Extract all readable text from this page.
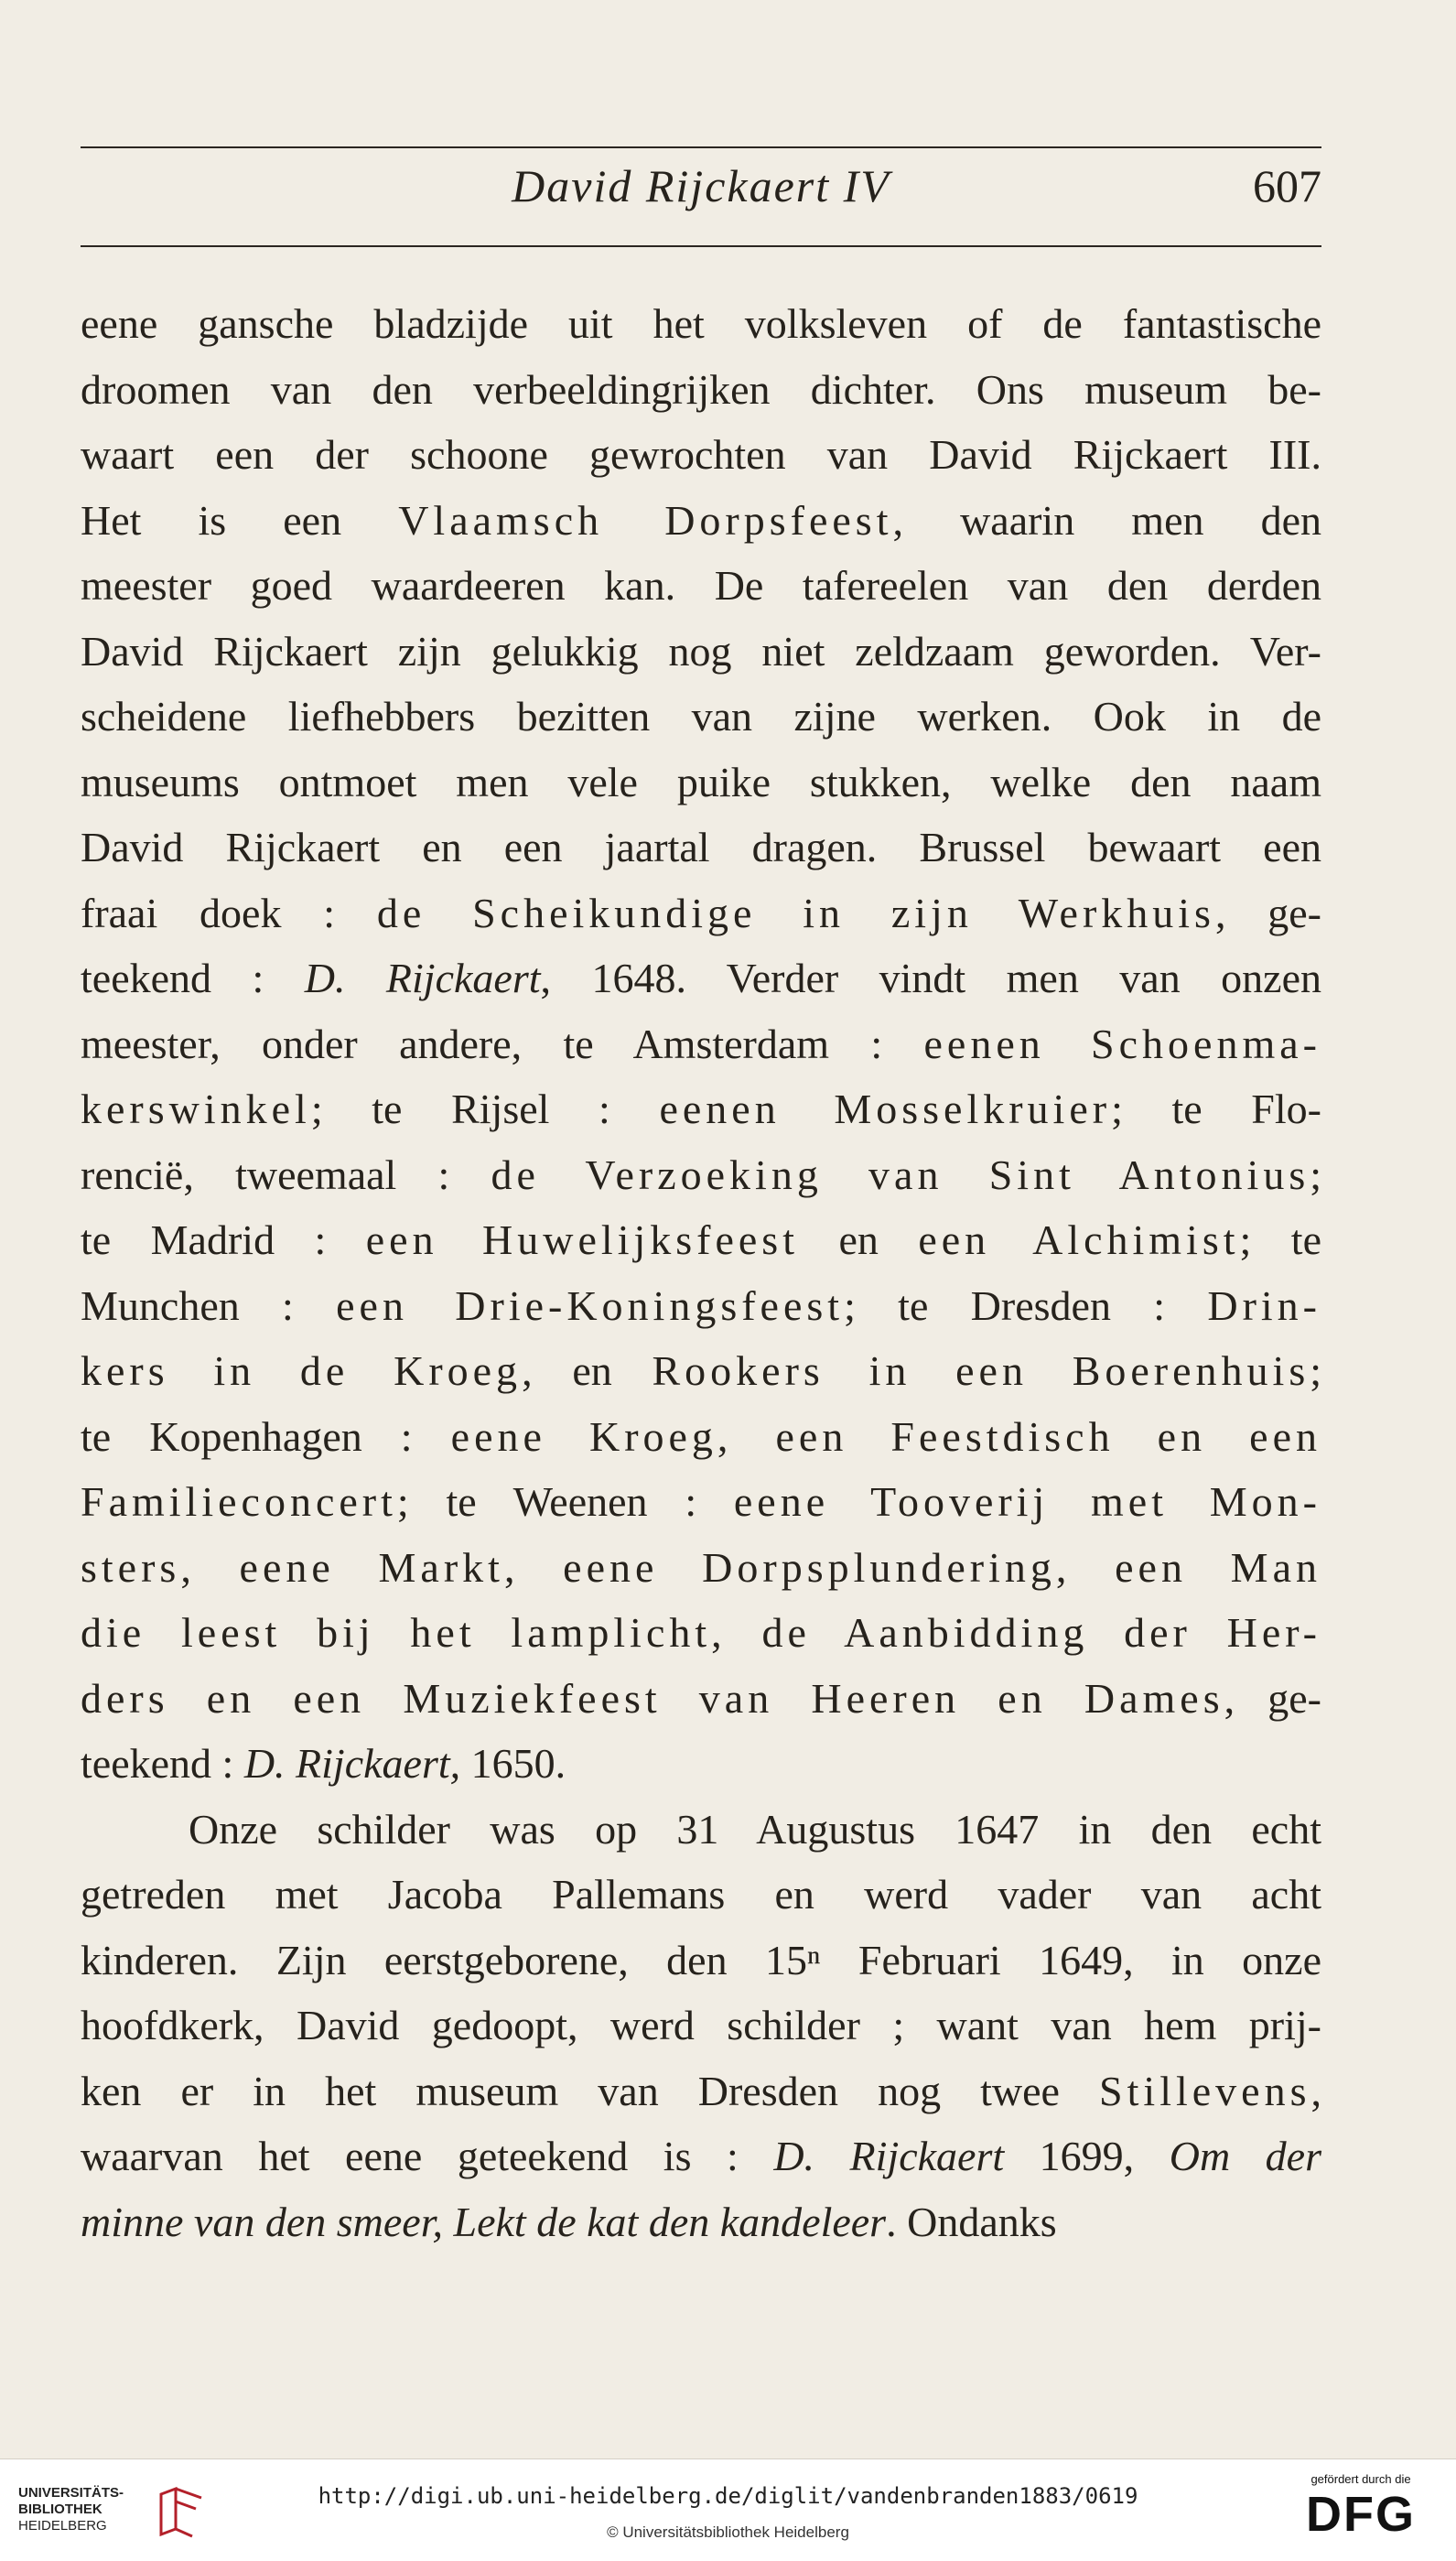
David Rijckaert IV	607
eene gansche bladzijde uit het volksleven of de fantastische
droomen van den verbeeldingrijken dichter. Ons museum be-
waart een der schoone gewrochten van David Rijckaert III.
Het is een Vlaamsch Dorpsfeest, waarin men den
meester goed waardeeren kan. De tafereelen van den derden
David Rijckaert zijn gelukkig nog niet zeldzaam geworden. Ver-
scheidene liefhebbers bezitten van zijne werken. Ook in de
museums ontmoet men vele puike stukken, welke den naam
David Rijckaert en een jaartal dragen. Brussel bewaart een
fraai doek : de Scheikundige in zijn Werkhuis, ge-
teekend : D. Rijckaert, 1648. Verder vindt men van onzen
meester, onder andere, te Amsterdam : eenen Schoenma-
kerswinkel; te Rijsel : eenen Mosselkruier; te Flo-
rencië, tweemaal : de Verzoeking van Sint Antonius;
te Madrid : een Huwelijksfeest en een Alchimist; te
Munchen : een Drie-Koningsfeest; te Dresden : Drin-
kers in de Kroeg, en Rookers in een Boerenhuis;
te Kopenhagen : eene Kroeg, een Feestdisch en een
Familieconcert; te Weenen : eene Tooverij met Mon-
sters, eene Markt, eene Dorpsplundering, een Man
die leest bij het lamplicht, de Aanbidding der Her-
ders en een Muziekfeest van Heeren en Dames, ge-
teekend : D. Rijckaert, 1650.
Onze schilder was op 31 Augustus 1647 in den echt
getreden met Jacoba Pallemans en werd vader van acht
kinderen. Zijn eerstgeborene, den 15ⁿ Februari 1649, in onze
hoofdkerk, David gedoopt, werd schilder ; want van hem prij-
ken er in het museum van Dresden nog twee Stillevens,
waarvan het eene geteekend is : D. Rijckaert 1699, Om der
minne van den smeer, Lekt de kat den kandeleer. Ondanks
UNIVERSITÄTS-
BIBLIOTHEK
HEIDELBERG
http://digi.ub.uni-heidelberg.de/diglit/vandenbranden1883/0619
© Universitätsbibliothek Heidelberg
gefördert durch die
DFG
